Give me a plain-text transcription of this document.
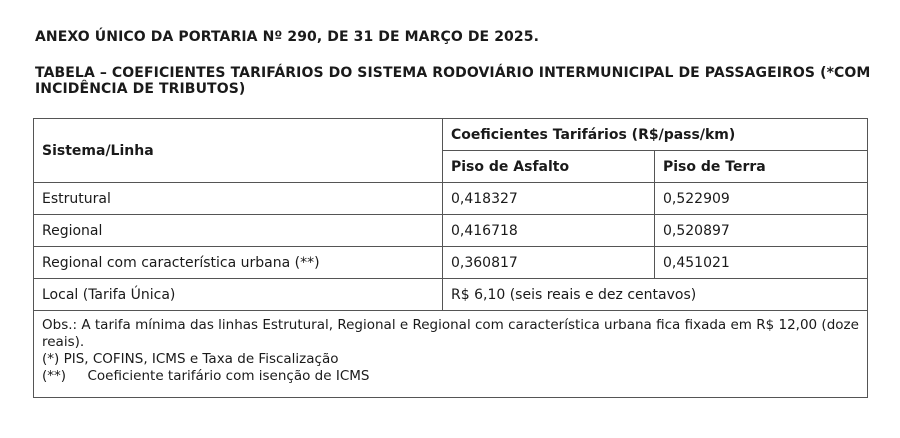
ANEXO ÚNICO DA PORTARIA Nº 290, DE 31 DE MARÇO DE 2025.

TABELA – COEFICIENTES TARIFÁRIOS DO SISTEMA RODOVIÁRIO INTERMUNICIPAL DE PASSAGEIROS (*COM INCIDÊNCIA DE TRIBUTOS)

Sistema/Linha	Coeficientes Tarifários (R$/pass/km)	
	Piso de Asfalto	Piso de Terra
Estrutural	0,418327	0,522909
Regional	0,416718	0,520897
Regional com característica urbana (**)	0,360817	0,451021
Local (Tarifa Única)	R$ 6,10 (seis reais e dez centavos)	

Obs.: A tarifa mínima das linhas Estrutural, Regional e Regional com característica urbana fica fixada em R$ 12,00 (doze reais).
(*) PIS, COFINS, ICMS e Taxa de Fiscalização
(**)     Coeficiente tarifário com isenção de ICMS		
